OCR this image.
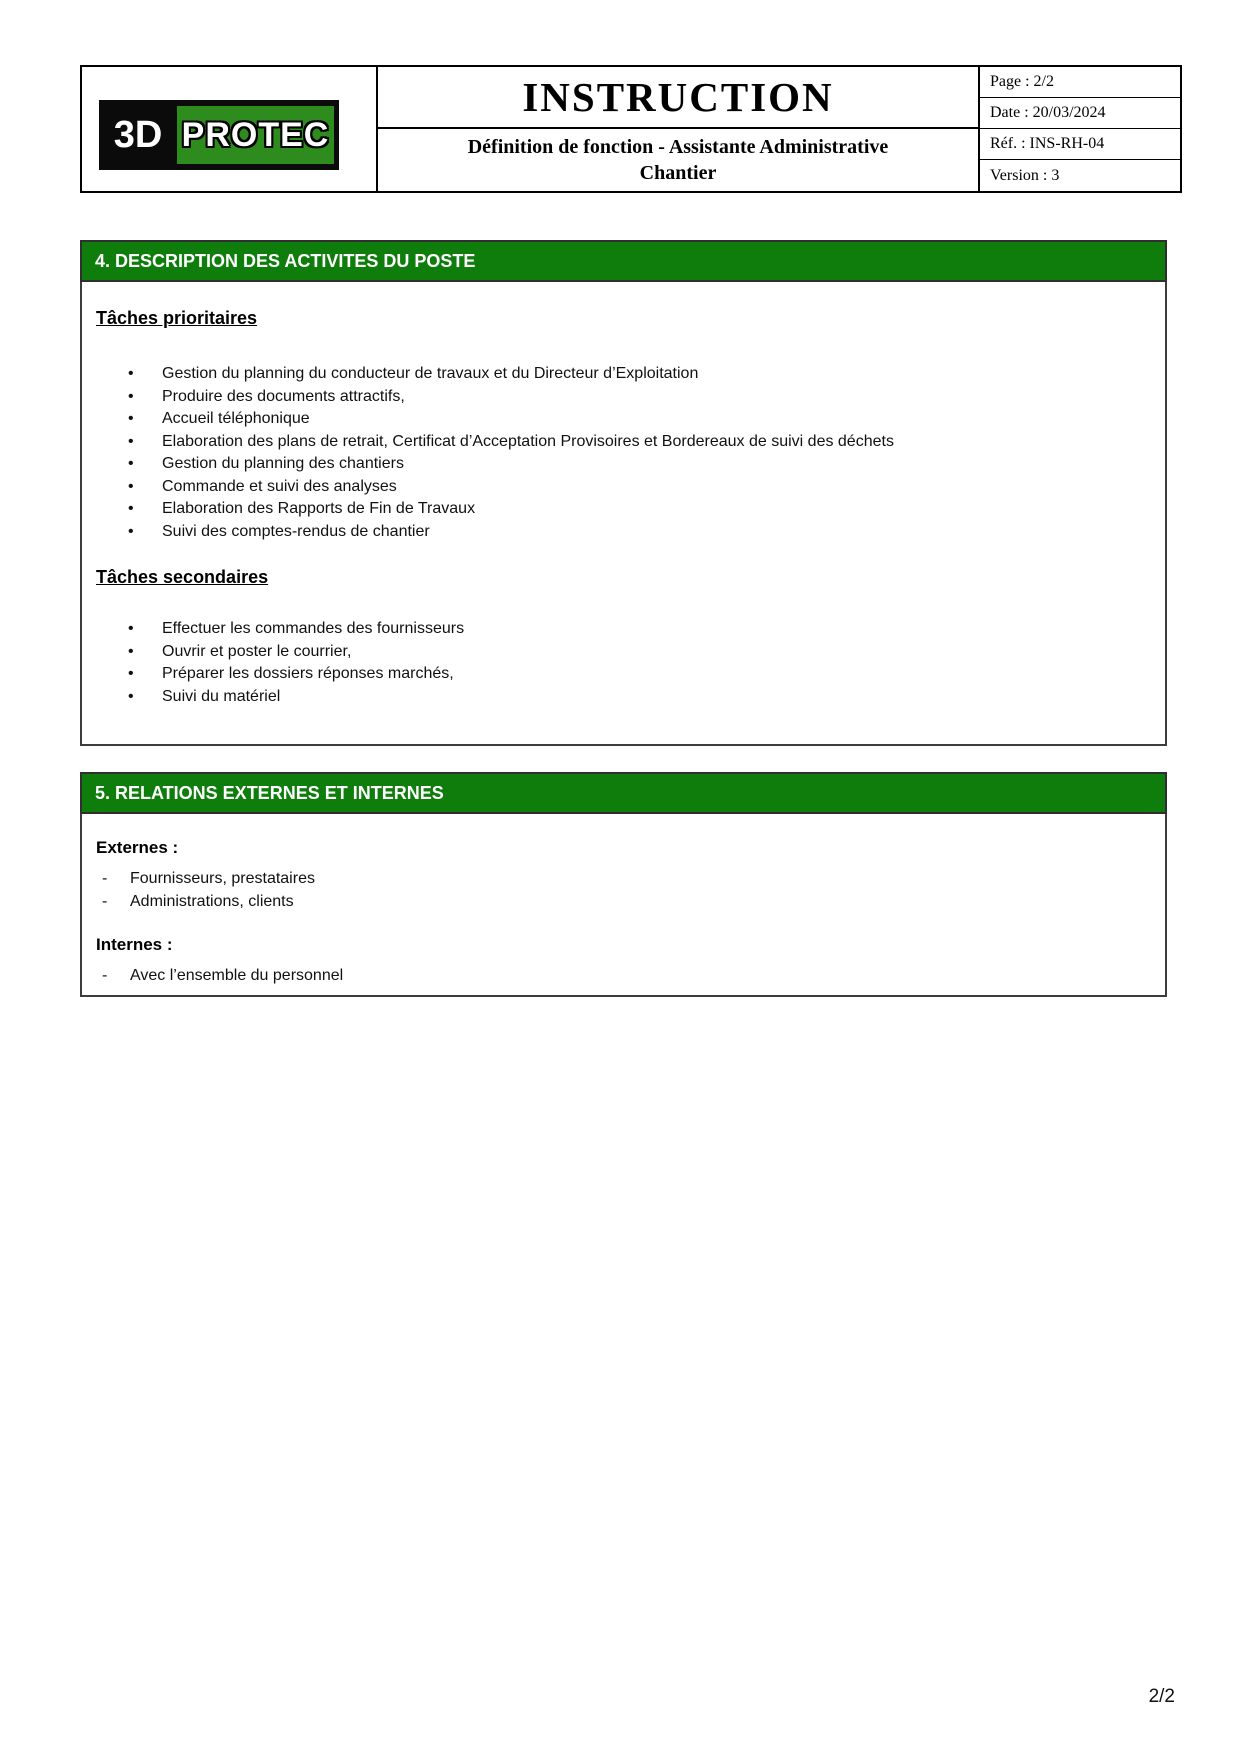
3D PROTEC
INSTRUCTION
Définition de fonction - Assistante Administrative
Chantier
Page : 2/2
Date : 20/03/2024
Réf. : INS-RH-04
Version : 3
4. DESCRIPTION DES ACTIVITES DU POSTE
Tâches prioritaires
•
Gestion du planning du conducteur de travaux et du Directeur d’Exploitation
•
Produire des documents attractifs,
•
Accueil téléphonique
•
Elaboration des plans de retrait, Certificat d’Acceptation Provisoires et Bordereaux de suivi des déchets
•
Gestion du planning des chantiers
•
Commande et suivi des analyses
•
Elaboration des Rapports de Fin de Travaux
•
Suivi des comptes-rendus de chantier
Tâches secondaires
•
Effectuer les commandes des fournisseurs
•
Ouvrir et poster le courrier,
•
Préparer les dossiers réponses marchés,
•
Suivi du matériel
5. RELATIONS EXTERNES ET INTERNES
Externes :
-
Fournisseurs, prestataires
-
Administrations, clients
Internes :
-
Avec l’ensemble du personnel
2/2
